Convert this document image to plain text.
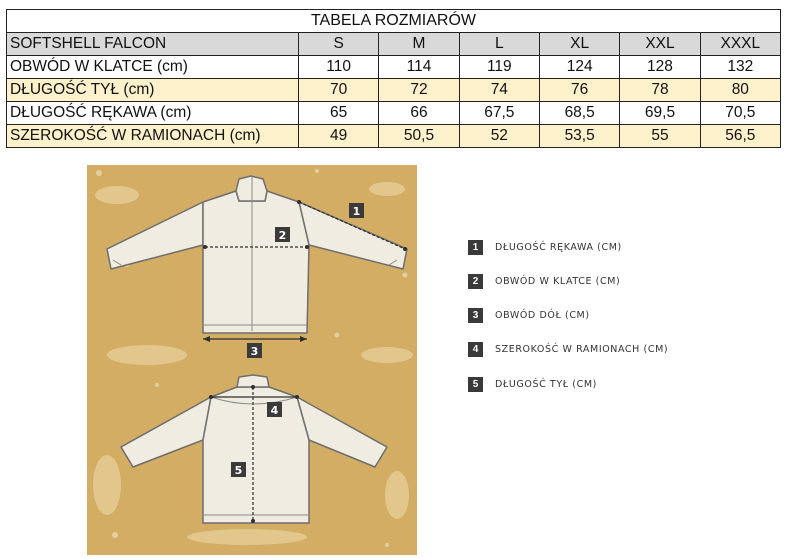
TABELA ROZMIARÓW						
SOFTSHELL FALCON	S	M	L	XL	XXL	XXXL
OBWÓD W KLATCE (cm)	110	114	119	124	128	132
DŁUGOŚĆ TYŁ (cm)	70	72	74	76	78	80
DŁUGOŚĆ RĘKAWA (cm)	65	66	67,5	68,5	69,5	70,5
SZEROKOŚĆ W RAMIONACH (cm)	49	50,5	52	53,5	55	56,5
1
2
3
4
5
1	DŁUGOŚĆ RĘKAWA (CM)
2	OBWÓD W KLATCE (CM)
3	OBWÓD DÓŁ (CM)
4	SZEROKOŚĆ W RAMIONACH (CM)
5	DŁUGOŚĆ TYŁ (CM)
